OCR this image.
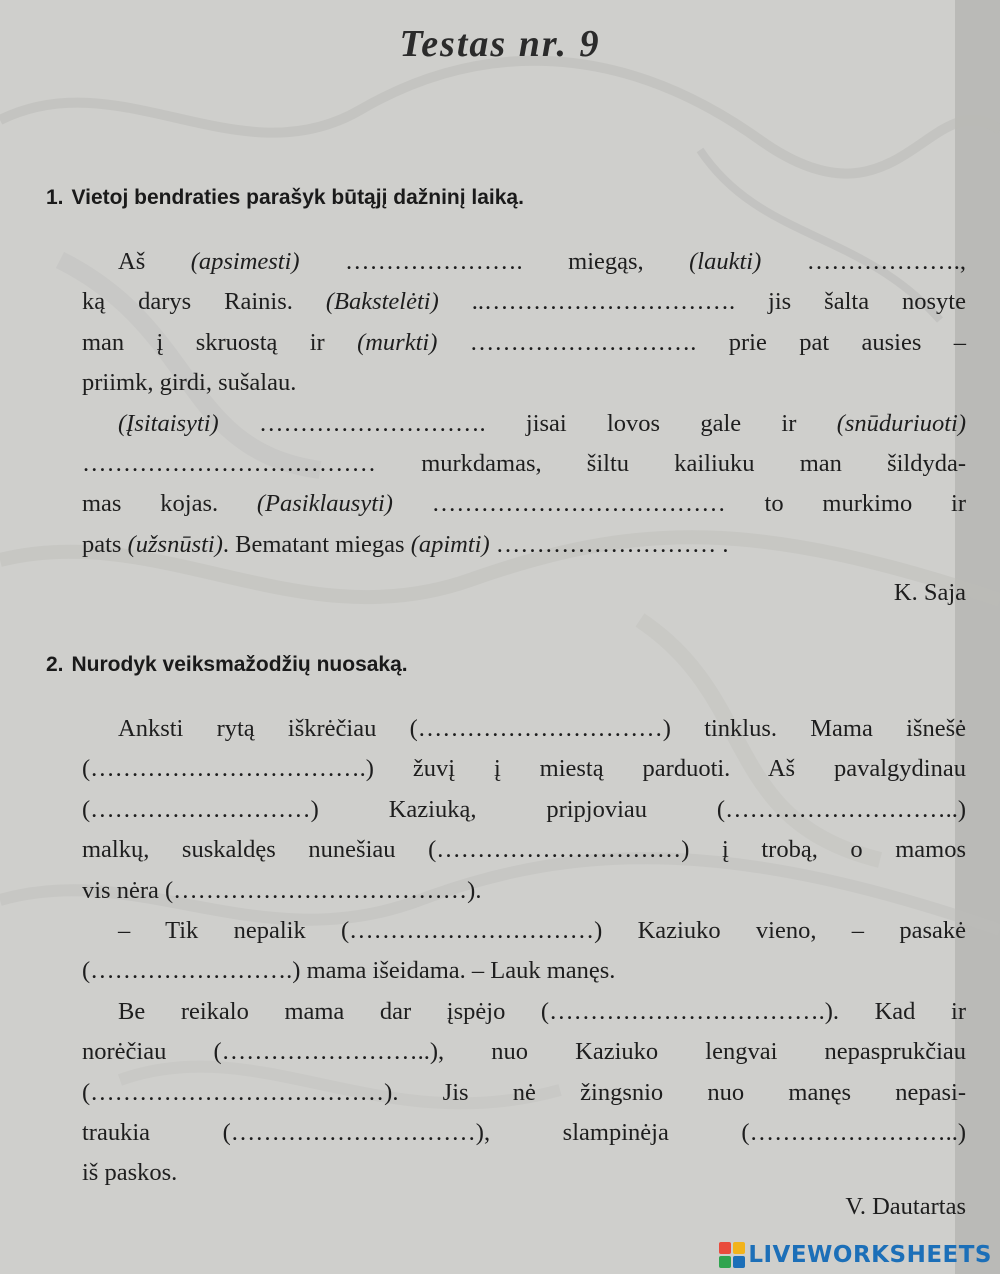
Testas nr. 9
1. Vietoj bendraties parašyk būtąjį dažninį laiką.
Aš (apsimesti) …………………. miegąs, (laukti) ……………….,
ką darys Rainis. (Bakstelėti) ..…………………………. jis šalta nosyte
man į skruostą ir (murkti) ………………………. prie pat ausies –
priimk, girdi, sušalau.
(Įsitaisyti) ………………………. jisai lovos gale ir (snūduriuoti)
……………………………… murkdamas, šiltu kailiuku man šildyda-
mas kojas. (Pasiklausyti) ……………………………… to murkimo ir
pats (užsnūsti). Bematant miegas (apimti) ……………………… .
K. Saja
2. Nurodyk veiksmažodžių nuosaką.
Anksti rytą iškrėčiau (…………………………) tinklus. Mama išnešė
(…………………………….) žuvį į miestą parduoti. Aš pavalgydinau
(………………………) Kaziuką, pripjoviau (………………………..)
malkų, suskaldęs nunešiau (…………………………) į trobą, o mamos
vis nėra (………………………………).
– Tik nepalik (…………………………) Kaziuko vieno, – pasakė
(…………………….) mama išeidama. – Lauk manęs.
Be reikalo mama dar įspėjo (…………………………….). Kad ir
norėčiau (……………………..), nuo Kaziuko lengvai nepasprukčiau
(………………………………). Jis nė žingsnio nuo manęs nepasi-
traukia (…………………………), slampinėja (……………………..)
iš paskos.
V. Dautartas
LIVEWORKSHEETS
